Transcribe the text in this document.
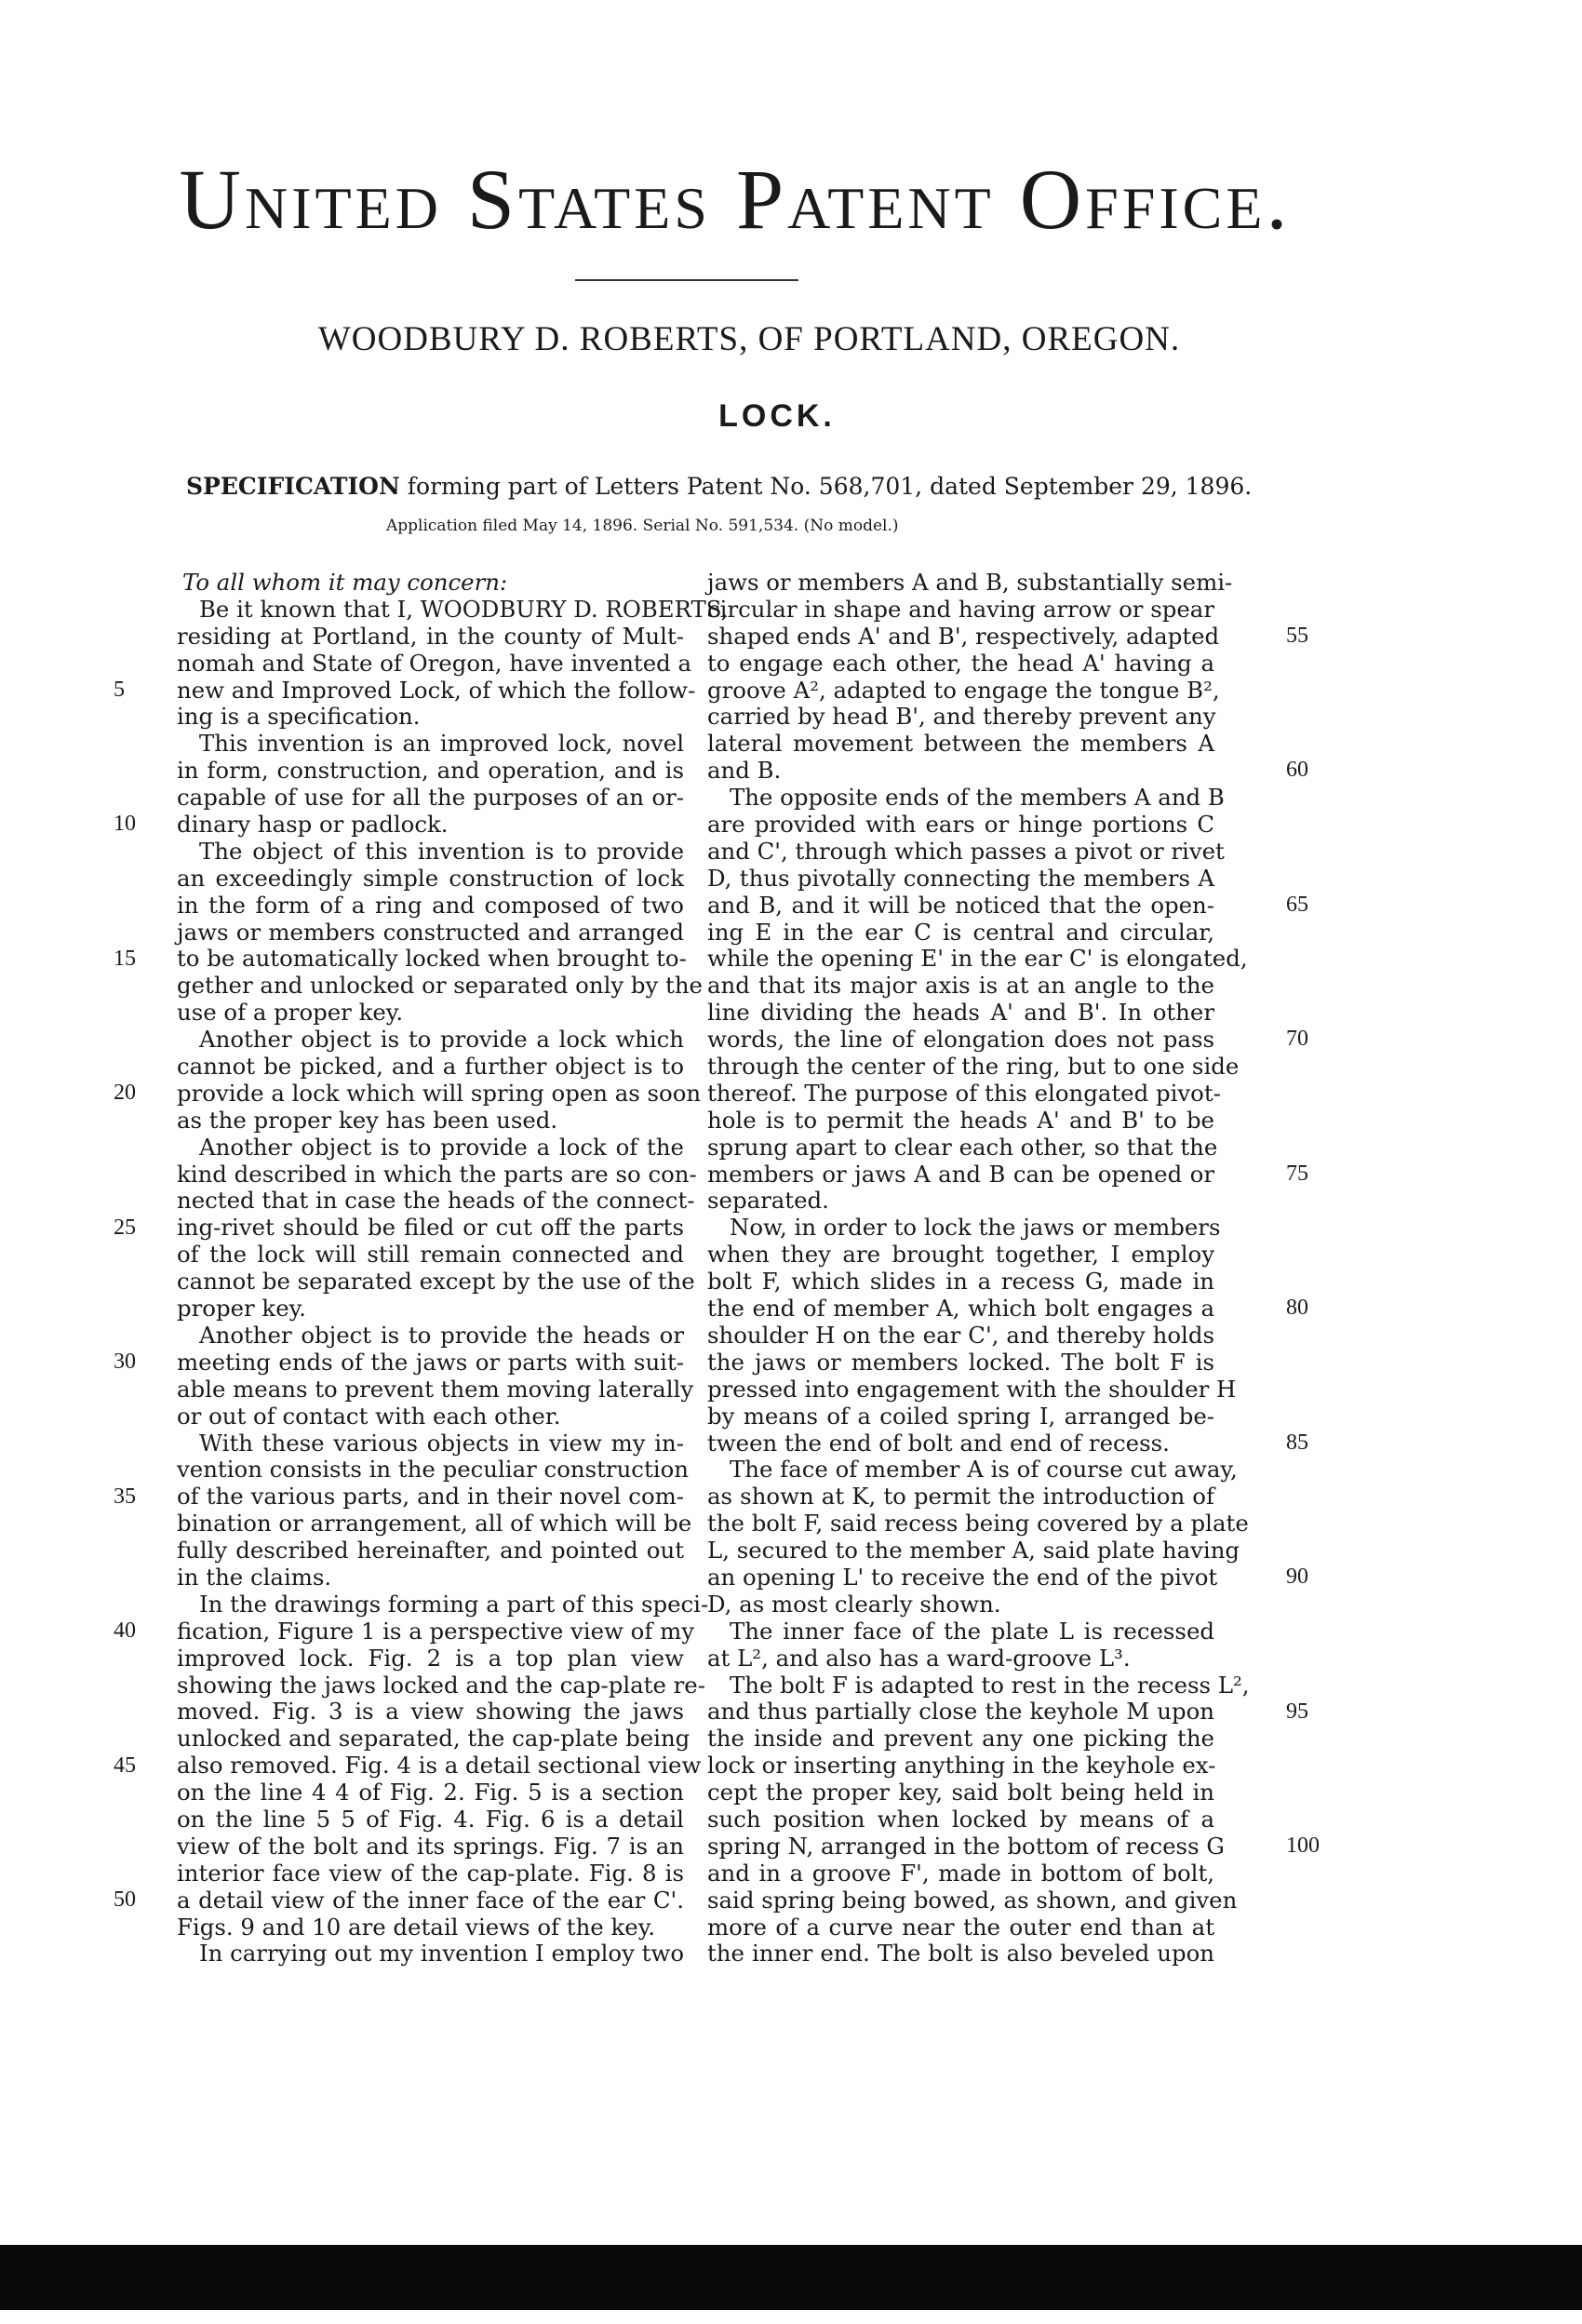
United States Patent Office.
WOODBURY D. ROBERTS, OF PORTLAND, OREGON.
LOCK.
SPECIFICATION forming part of Letters Patent No. 568,701, dated September 29, 1896.
Application filed May 14, 1896. Serial No. 591,534. (No model.)
To all whom it may concern:
Be it known that I, WOODBURY D. ROBERTS,
residing at Portland, in the county of Mult-
nomah and State of Oregon, have invented a
new and Improved Lock, of which the follow-
ing is a specification.
This invention is an improved lock, novel
in form, construction, and operation, and is
capable of use for all the purposes of an or-
dinary hasp or padlock.
The object of this invention is to provide
an exceedingly simple construction of lock
in the form of a ring and composed of two
jaws or members constructed and arranged
to be automatically locked when brought to-
gether and unlocked or separated only by the
use of a proper key.
Another object is to provide a lock which
cannot be picked, and a further object is to
provide a lock which will spring open as soon
as the proper key has been used.
Another object is to provide a lock of the
kind described in which the parts are so con-
nected that in case the heads of the connect-
ing-rivet should be filed or cut off the parts
of the lock will still remain connected and
cannot be separated except by the use of the
proper key.
Another object is to provide the heads or
meeting ends of the jaws or parts with suit-
able means to prevent them moving laterally
or out of contact with each other.
With these various objects in view my in-
vention consists in the peculiar construction
of the various parts, and in their novel com-
bination or arrangement, all of which will be
fully described hereinafter, and pointed out
in the claims.
In the drawings forming a part of this speci-
fication, Figure 1 is a perspective view of my
improved lock. Fig. 2 is a top plan view
showing the jaws locked and the cap-plate re-
moved. Fig. 3 is a view showing the jaws
unlocked and separated, the cap-plate being
also removed. Fig. 4 is a detail sectional view
on the line 4 4 of Fig. 2. Fig. 5 is a section
on the line 5 5 of Fig. 4. Fig. 6 is a detail
view of the bolt and its springs. Fig. 7 is an
interior face view of the cap-plate. Fig. 8 is
a detail view of the inner face of the ear C'.
Figs. 9 and 10 are detail views of the key.
In carrying out my invention I employ two
jaws or members A and B, substantially semi-
circular in shape and having arrow or spear
shaped ends A' and B', respectively, adapted
to engage each other, the head A' having a
groove A², adapted to engage the tongue B²,
carried by head B', and thereby prevent any
lateral movement between the members A
and B.
The opposite ends of the members A and B
are provided with ears or hinge portions C
and C', through which passes a pivot or rivet
D, thus pivotally connecting the members A
and B, and it will be noticed that the open-
ing E in the ear C is central and circular,
while the opening E' in the ear C' is elongated,
and that its major axis is at an angle to the
line dividing the heads A' and B'. In other
words, the line of elongation does not pass
through the center of the ring, but to one side
thereof. The purpose of this elongated pivot-
hole is to permit the heads A' and B' to be
sprung apart to clear each other, so that the
members or jaws A and B can be opened or
separated.
Now, in order to lock the jaws or members
when they are brought together, I employ
bolt F, which slides in a recess G, made in
the end of member A, which bolt engages a
shoulder H on the ear C', and thereby holds
the jaws or members locked. The bolt F is
pressed into engagement with the shoulder H
by means of a coiled spring I, arranged be-
tween the end of bolt and end of recess.
The face of member A is of course cut away,
as shown at K, to permit the introduction of
the bolt F, said recess being covered by a plate
L, secured to the member A, said plate having
an opening L' to receive the end of the pivot
D, as most clearly shown.
The inner face of the plate L is recessed
at L², and also has a ward-groove L³.
The bolt F is adapted to rest in the recess L²,
and thus partially close the keyhole M upon
the inside and prevent any one picking the
lock or inserting anything in the keyhole ex-
cept the proper key, said bolt being held in
such position when locked by means of a
spring N, arranged in the bottom of recess G
and in a groove F', made in bottom of bolt,
said spring being bowed, as shown, and given
more of a curve near the outer end than at
the inner end. The bolt is also beveled upon
5
10
15
20
25
30
35
40
45
50
55
60
65
70
75
80
85
90
95
100
